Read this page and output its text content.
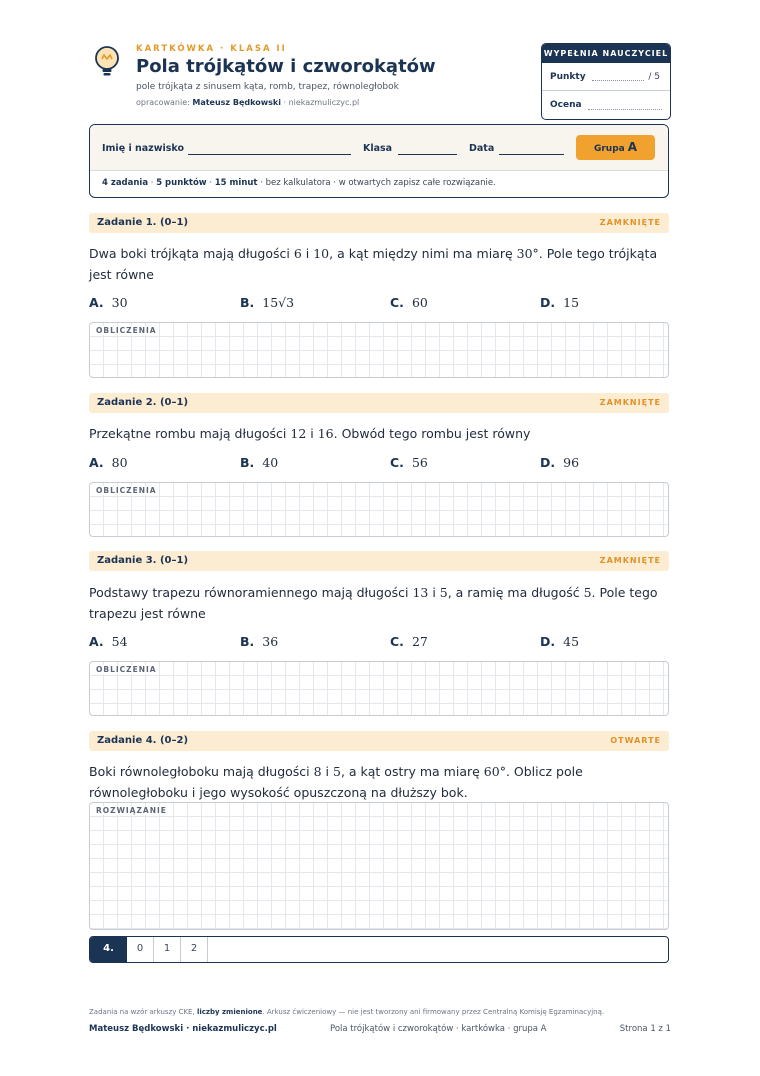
KARTKÓWKA · KLASA II
Pola trójkątów i czworokątów
pole trójkąta z sinusem kąta, romb, trapez, równoległobok
opracowanie: Mateusz Będkowski · niekazmuliczyc.pl
WYPEŁNIA NAUCZYCIEL
Punkty	/ 5
Ocena
Imię i nazwisko	Klasa	Data	Grupa A
4 zadania · 5 punktów · 15 minut · bez kalkulatora · w otwartych zapisz całe rozwiązanie.
Zadanie 1. (0–1)	ZAMKNIĘTE
Dwa boki trójkąta mają długości 6 i 10, a kąt między nimi ma miarę 30°. Pole tego trójkąta jest równe
A. 30	B. 15√3	C. 60	D. 15
OBLICZENIA
Zadanie 2. (0–1)	ZAMKNIĘTE
Przekątne rombu mają długości 12 i 16. Obwód tego rombu jest równy
A. 80	B. 40	C. 56	D. 96
OBLICZENIA
Zadanie 3. (0–1)	ZAMKNIĘTE
Podstawy trapezu równoramiennego mają długości 13 i 5, a ramię ma długość 5. Pole tego trapezu jest równe
A. 54	B. 36	C. 27	D. 45
OBLICZENIA
Zadanie 4. (0–2)	OTWARTE
Boki równoległoboku mają długości 8 i 5, a kąt ostry ma miarę 60°. Oblicz pole równoległoboku i jego wysokość opuszczoną na dłuższy bok.
ROZWIĄZANIE
4.	0	1	2
Zadania na wzór arkuszy CKE, liczby zmienione. Arkusz ćwiczeniowy — nie jest tworzony ani firmowany przez Centralną Komisję Egzaminacyjną.
Mateusz Będkowski · niekazmuliczyc.pl	Pola trójkątów i czworokątów · kartkówka · grupa A	Strona 1 z 1
